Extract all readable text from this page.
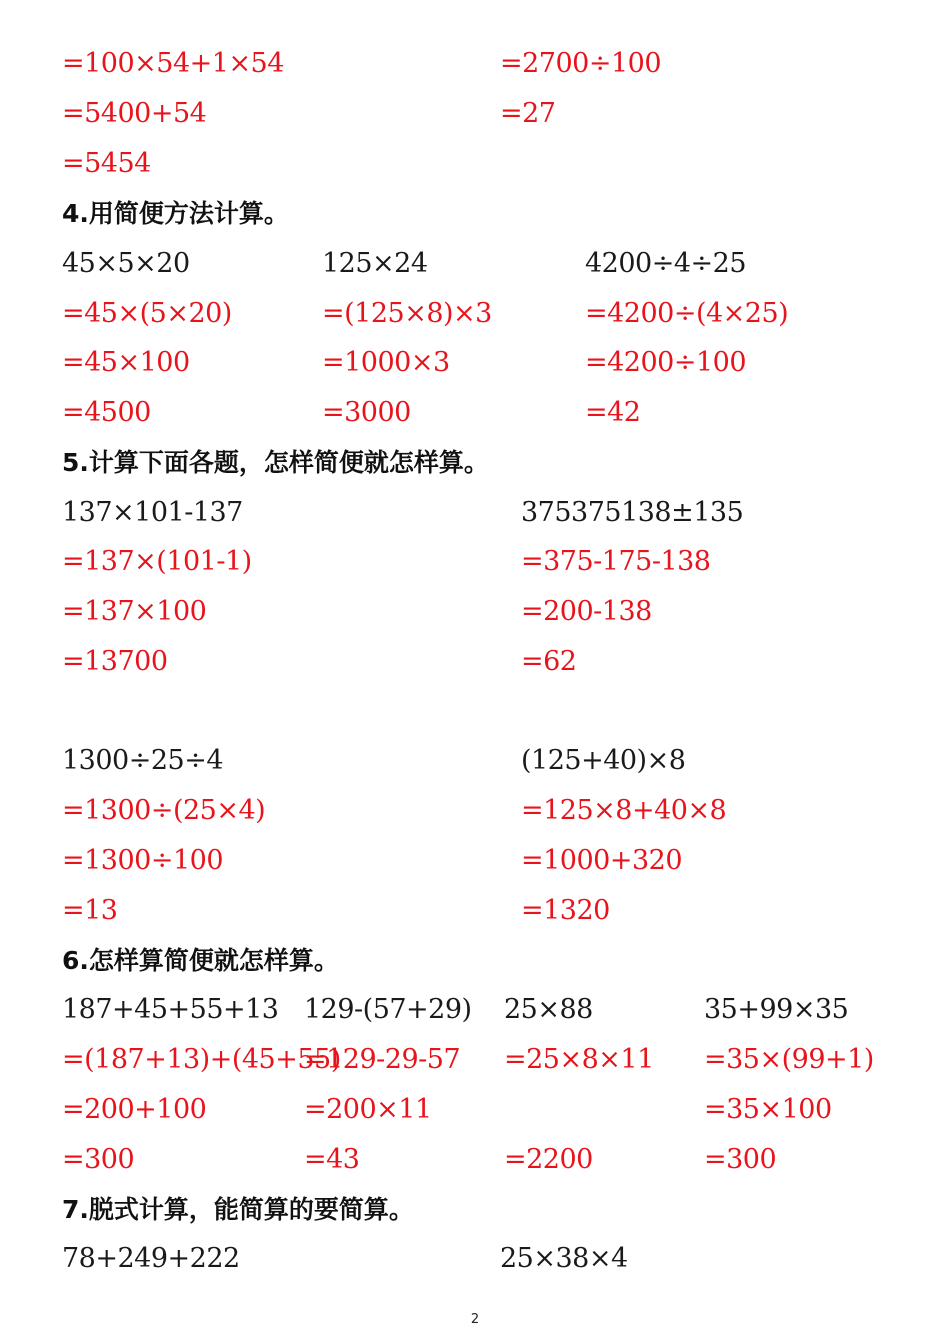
=100×54+1×54
=5400+54
=5454
=2700÷100
=27
4.用简便方法计算。
45×5×20
=45×(5×20)
=45×100
=4500
125×24
=(125×8)×3
=1000×3
=3000
4200÷4÷25
=4200÷(4×25)
=4200÷100
=42
5.计算下面各题，怎样简便就怎样算。
137×101-137
=137×(101-1)
=137×100
=13700
375375138±135
=375-175-138
=200-138
=62
1300÷25÷4
=1300÷(25×4)
=1300÷100
=13
(125+40)×8
=125×8+40×8
=1000+320
=1320
6.怎样算简便就怎样算。
187+45+55+13
=(187+13)+(45+55)
=200+100
=300
129-(57+29)
=129-29-57
=200×11
=43
25×88
=25×8×11
=2200
35+99×35
=35×(99+1)
=35×100
=300
7.脱式计算，能简算的要简算。
78+249+222	25×38×4
2
